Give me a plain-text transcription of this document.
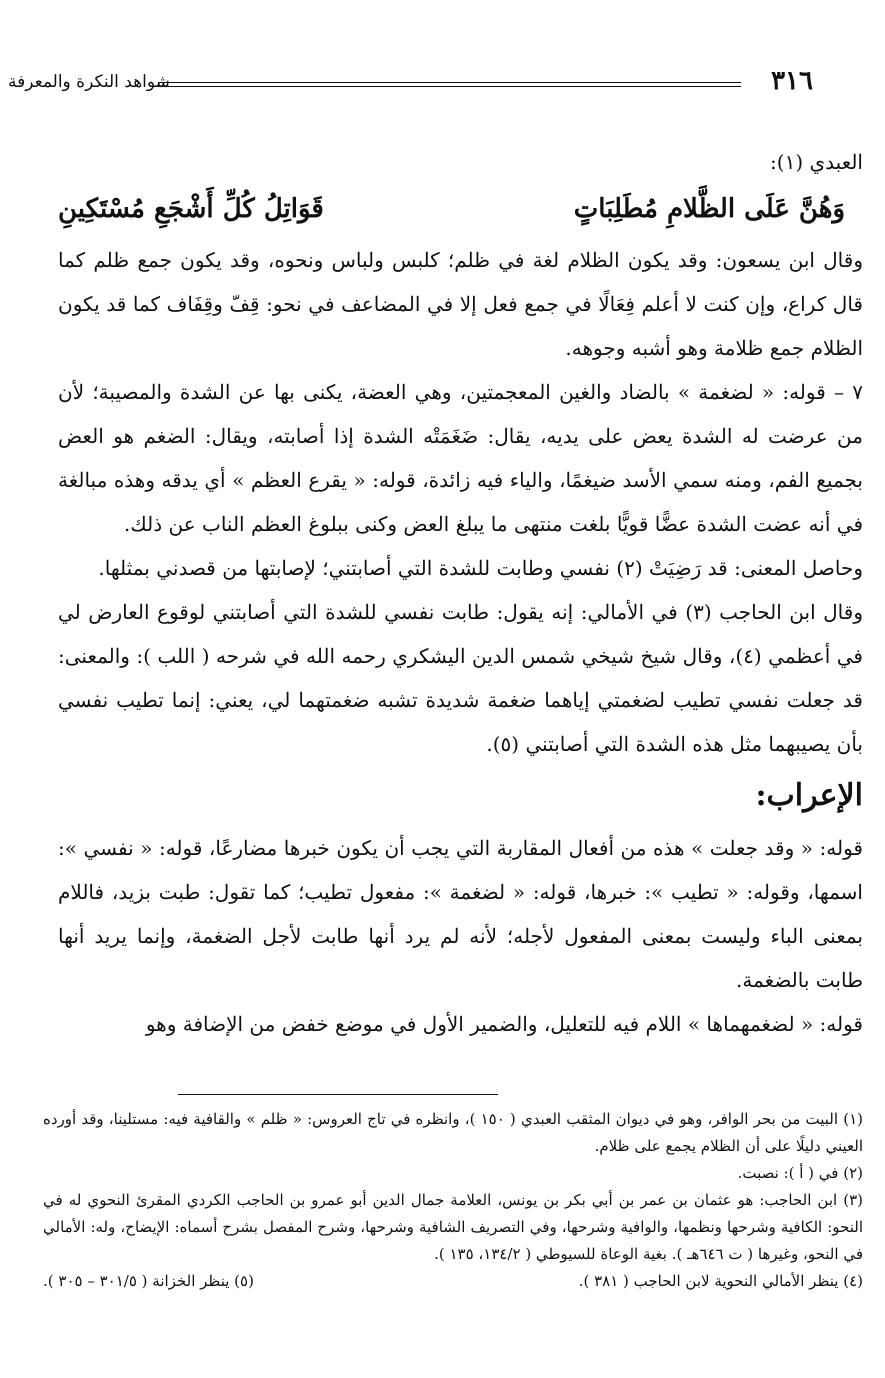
٣١٦
شواهد النكرة والمعرفة

العبدي (١):

وَهُنَّ عَلَى الظَّلامِ مُطَلِبَاتٍ
قَوَاتِلُ كُلِّ أَشْجَعِ مُسْتَكِينِ

وقال ابن يسعون: وقد يكون الظلام لغة في ظلم؛ كلبس ولباس ونحوه، وقد يكون جمع ظلم كما قال كراع، وإن كنت لا أعلم فِعَالًا في جمع فعل إلا في المضاعف في نحو: قِفّ وقِفَاف كما قد يكون الظلام جمع ظلامة وهو أشبه وجوهه.

٧ – قوله: « لضغمة » بالضاد والغين المعجمتين، وهي العضة، يكنى بها عن الشدة والمصيبة؛ لأن من عرضت له الشدة يعض على يديه، يقال: ضَغَمَتْه الشدة إذا أصابته، ويقال: الضغم هو العض بجميع الفم، ومنه سمي الأسد ضيغمًا، والياء فيه زائدة، قوله: « يقرع العظم » أي يدقه وهذه مبالغة في أنه عضت الشدة عضًّا قويًّا بلغت منتهى ما يبلغ العض وكنى ببلوغ العظم الناب عن ذلك.

وحاصل المعنى: قد رَضِيَتْ (٢) نفسي وطابت للشدة التي أصابتني؛ لإصابتها من قصدني بمثلها.

وقال ابن الحاجب (٣) في الأمالي: إنه يقول: طابت نفسي للشدة التي أصابتني لوقوع العارض لي في أعظمي (٤)، وقال شيخ شيخي شمس الدين اليشكري رحمه الله في شرحه ( اللب ): والمعنى: قد جعلت نفسي تطيب لضغمتي إياهما ضغمة شديدة تشبه ضغمتهما لي، يعني: إنما تطيب نفسي بأن يصيبهما مثل هذه الشدة التي أصابتني (٥).

الإعراب:

قوله: « وقد جعلت » هذه من أفعال المقاربة التي يجب أن يكون خبرها مضارعًا، قوله: « نفسي »: اسمها، وقوله: « تطيب »: خبرها، قوله: « لضغمة »: مفعول تطيب؛ كما تقول: طبت بزيد، فاللام بمعنى الباء وليست بمعنى المفعول لأجله؛ لأنه لم يرد أنها طابت لأجل الضغمة، وإنما يريد أنها طابت بالضغمة.

قوله: « لضغمهماها » اللام فيه للتعليل، والضمير الأول في موضع خفض من الإضافة وهو

(١) البيت من بحر الوافر، وهو في ديوان المثقب العبدي ( ١٥٠ )، وانظره في تاج العروس: « ظلم » والقافية فيه: مستلينا، وقد أورده العيني دليلًا على أن الظلام يجمع على ظلام.

(٢) في ( أ ): نصبت.

(٣) ابن الحاجب: هو عثمان بن عمر بن أبي بكر بن يونس، العلامة جمال الدين أبو عمرو بن الحاجب الكردي المقرئ النحوي له في النحو: الكافية وشرحها ونظمها، والوافية وشرحها، وفي التصريف الشافية وشرحها، وشرح المفصل بشرح أسماه: الإيضاح، وله: الأمالي في النحو، وغيرها ( ت ٦٤٦هـ ). بغية الوعاة للسيوطي ( ١٣٤/٢، ١٣٥ ).

(٤) ينظر الأمالي النحوية لابن الحاجب ( ٣٨١ ).
(٥) ينظر الخزانة ( ٣٠١/٥ – ٣٠٥ ).
